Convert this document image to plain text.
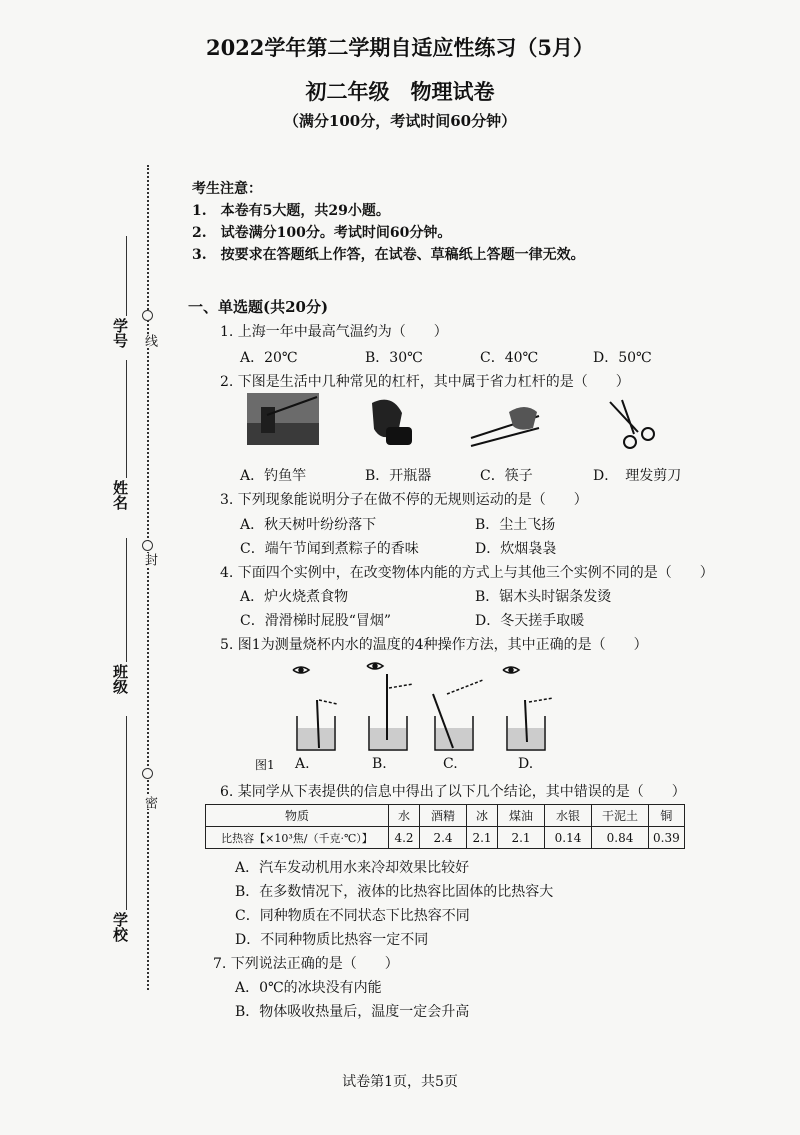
2022学年第二学期自适应性练习（5月）
初二年级　物理试卷
（满分100分，考试时间60分钟）
线
封
密
学号
姓名
班级
学校
考生注意：
1.　本卷有5大题，共29小题。
2.　试卷满分100分。考试时间60分钟。
3.　按要求在答题纸上作答，在试卷、草稿纸上答题一律无效。
一、单选题(共20分)
1. 上海一年中最高气温约为（　　）
A．20℃	B．30℃	C．40℃	D．50℃
2. 下图是生活中几种常见的杠杆，其中属于省力杠杆的是（　　）
A．钓鱼竿	B．开瓶器	C．筷子	D．　理发剪刀
3. 下列现象能说明分子在做不停的无规则运动的是（　　）
A．秋天树叶纷纷落下	B．尘土飞扬
C．端午节闻到煮粽子的香味	D．炊烟袅袅
4. 下面四个实例中，在改变物体内能的方式上与其他三个实例不同的是（　　）
A．炉火烧煮食物	B．锯木头时锯条发烫
C．滑滑梯时屁股“冒烟”	D．冬天搓手取暖
5. 图1为测量烧杯内水的温度的4种操作方法，其中正确的是（　　）
图1 A.	B.	C.	D.
6. 某同学从下表提供的信息中得出了以下几个结论，其中错误的是（　　）
物质	水	酒精	冰	煤油	水银	干泥土	铜
比热容【×10³焦/（千克·℃）】	4.2	2.4	2.1	2.1	0.14	0.84	0.39
A．汽车发动机用水来冷却效果比较好
B．在多数情况下，液体的比热容比固体的比热容大
C．同种物质在不同状态下比热容不同
D．不同种物质比热容一定不同
7. 下列说法正确的是（　　）
A．0℃的冰块没有内能
B．物体吸收热量后，温度一定会升高
试卷第1页，共5页
